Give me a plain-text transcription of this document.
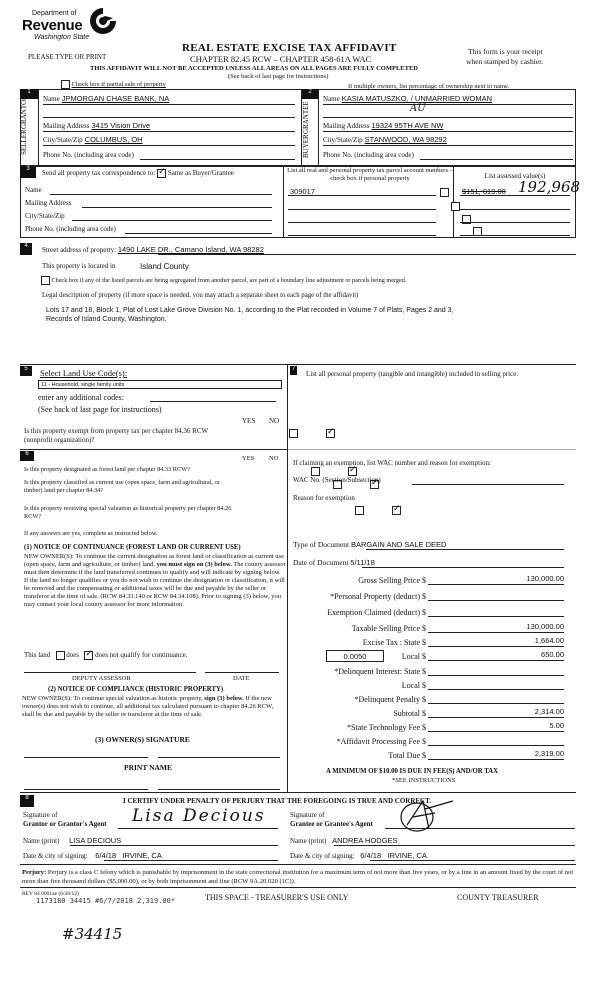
Department of
Revenue
Washington State
PLEASE TYPE OR PRINT
REAL ESTATE EXCISE TAX AFFIDAVIT
CHAPTER 82.45 RCW – CHAPTER 458-61A WAC
This form is your receipt
when stamped by cashier.
THIS AFFIDAVIT WILL NOT BE ACCEPTED UNLESS ALL AREAS ON ALL PAGES ARE FULLY COMPLETED
(See back of last page for instructions)
Check box if partial sale of property	If multiple owners, list percentage of ownership next to name.
1
SELLER
GRANTOR Name JPMORGAN CHASE BANK, NA
Mailing Address 3415 Vision Drive
City/State/Zip COLUMBUS, OH
Phone No. (including area code)
2
BUYER
GRANTEE
Name KASIA MATUSZKO, / UNMARRIED WOMAN
AU
Mailing Address 19324 95TH AVE NW
City/State/Zip STANWOOD, WA 98292
Phone No. (including area code)
3
Send all property tax correspondence to: ✓ Same as Buyer/Grantee
Name
Mailing Address
City/State/Zip
Phone No. (including area code)
List all real and personal property tax parcel account numbers – check box if personal property	List assessed value(s)
309017

	$151, 019.00 192,968
4	Street address of property: 1490 LAKE DR., Camano Island, WA 98282
This property is located in	Island County
Check box if any of the listed parcels are being segregated from another parcel, are part of a boundary line adjustment or parcels being merged.
Legal description of property (if more space is needed, you may attach a separate sheet to each page of the affidavit)
Lots 17 and 18, Block 1, Plat of Lost Lake Grove Division No. 1, according to the Plat recorded in Volume 7 of Plats, Pages 2 and 3, Records of Island County, Washington.
5	Select Land Use Code(s):
11 - Household, single family units
enter any additional codes:
(See back of last page for instructions)
YES NO
Is this property exempt from property tax per chapter 84.36 RCW (nonprofit organization)?
✓
6
YES NO
Is this property designated as forest land per chapter 84.33 RCW?
✓
Is this property classified as current use (open space, farm and agricultural, or timber) land per chapter 84.34?
✓
Is this property receiving special valuation as historical property per chapter 84.26 RCW?
✓
If any answers are yes, complete as instructed below.
(1) NOTICE OF CONTINUANCE (FOREST LAND OR CURRENT USE)
NEW OWNER(S): To continue the current designation as forest land or classification as current use (open space, farm and agriculture, or timber) land, you must sign on (3) below. The county assessor must then determine if the land transferred continues to qualify and will indicate by signing below. If the land no longer qualifies or you do not wish to continue the designation or classification, it will be removed and the compensating or additional taxes will be due and payable by the seller or transferor at the time of sale. (RCW 84.33.140 or RCW 84.34.108). Prior to signing (3) below, you may contact your local county assessor for more information.
This land does ✓ does not qualify for continuance.
DEPUTY ASSESSOR	DATE
(2) NOTICE OF COMPLIANCE (HISTORIC PROPERTY)
NEW OWNER(S): To continue special valuation as historic property, sign (3) below. If the new owner(s) does not wish to continue, all additional tax calculated pursuant to chapter 84.26 RCW, shall be due and payable by the seller or transferor at the time of sale.
(3) OWNER(S) SIGNATURE
PRINT NAME
7
List all personal property (tangible and intangible) included in selling price.
If claiming an exemption, list WAC number and reason for exemption:
WAC No. (Section/Subsection)
Reason for exemption
Type of Document BARGAIN AND SALE DEED
Date of Document 5/11/18
Gross Selling Price $	130,000.00
*Personal Property (deduct) $
Exemption Claimed (deduct) $
Taxable Selling Price $	130,000.00
Excise Tax : State $	1,664.00
0.0050	Local $	650.00
*Delinquent Interest: State $
Local $
*Delinquent Penalty $
Subtotal $	2,314.00
*State Technology Fee $	5.00
*Affidavit Processing Fee $
Total Due $	2,319.00
A MINIMUM OF $10.00 IS DUE IN FEE(S) AND/OR TAX
*SEE INSTRUCTIONS
8	I CERTIFY UNDER PENALTY OF PERJURY THAT THE FOREGOING IS TRUE AND CORRECT.
Signature of
Grantor or Grantor's Agent Lisa Decious	Signature of
Grantee or Grantee's Agent
Name (print) LISA DECIOUS	Name (print) ANDREA HODGES
Date & city of signing: 6/4/18   IRVINE, CA	Date & city of signing: 6/4/18   IRVINE, CA
Perjury: Perjury is a class C felony which is punishable by imprisonment in the state correctional institution for a maximum term of not more than five years, or by a fine in an amount fixed by the court of not more than five thousand dollars ($5,000.00), or by both imprisonment and fine (RCW 9A.20.020 (1C)).
REV 84 0001ae (6/28/12)
1173180 34415 #6/7/2018 2,319.00*	THIS SPACE - TREASURER'S USE ONLY	COUNTY TREASURER
#34415
